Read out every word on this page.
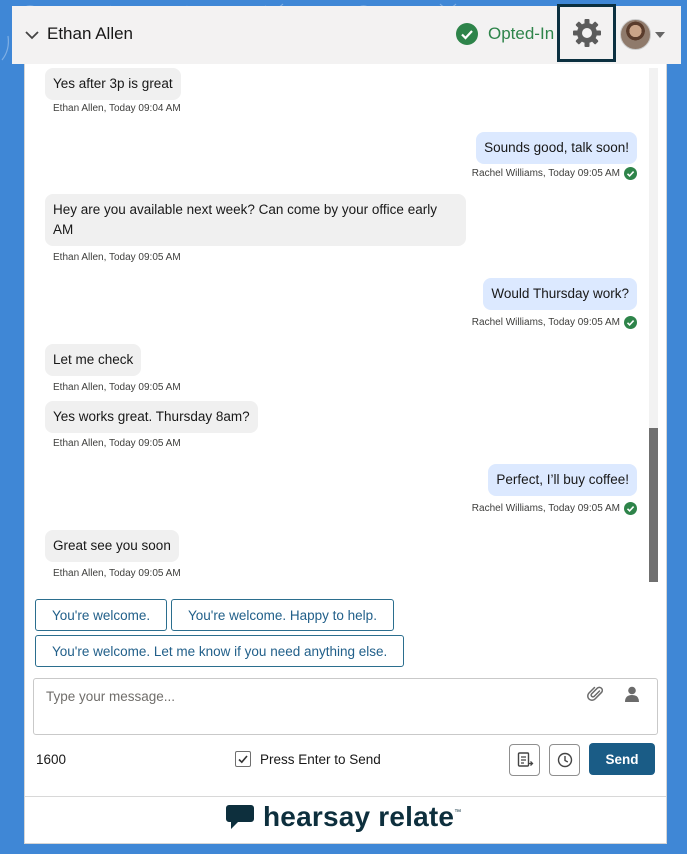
Ethan Allen	Opted-In
Yes after 3p is great
Ethan Allen, Today 09:04 AM
Sounds good, talk soon!
Rachel Williams, Today 09:05 AM
Hey are you available next week? Can come by your office early AM
Ethan Allen, Today 09:05 AM
Would Thursday work?
Rachel Williams, Today 09:05 AM
Let me check
Ethan Allen, Today 09:05 AM
Yes works great. Thursday 8am?
Ethan Allen, Today 09:05 AM
Perfect, I’ll buy coffee!
Rachel Williams, Today 09:05 AM
Great see you soon
Ethan Allen, Today 09:05 AM
You're welcome.	You're welcome. Happy to help.
You're welcome. Let me know if you need anything else.
Type your message...
1600	Press Enter to Send	Send
hearsay relate ™
